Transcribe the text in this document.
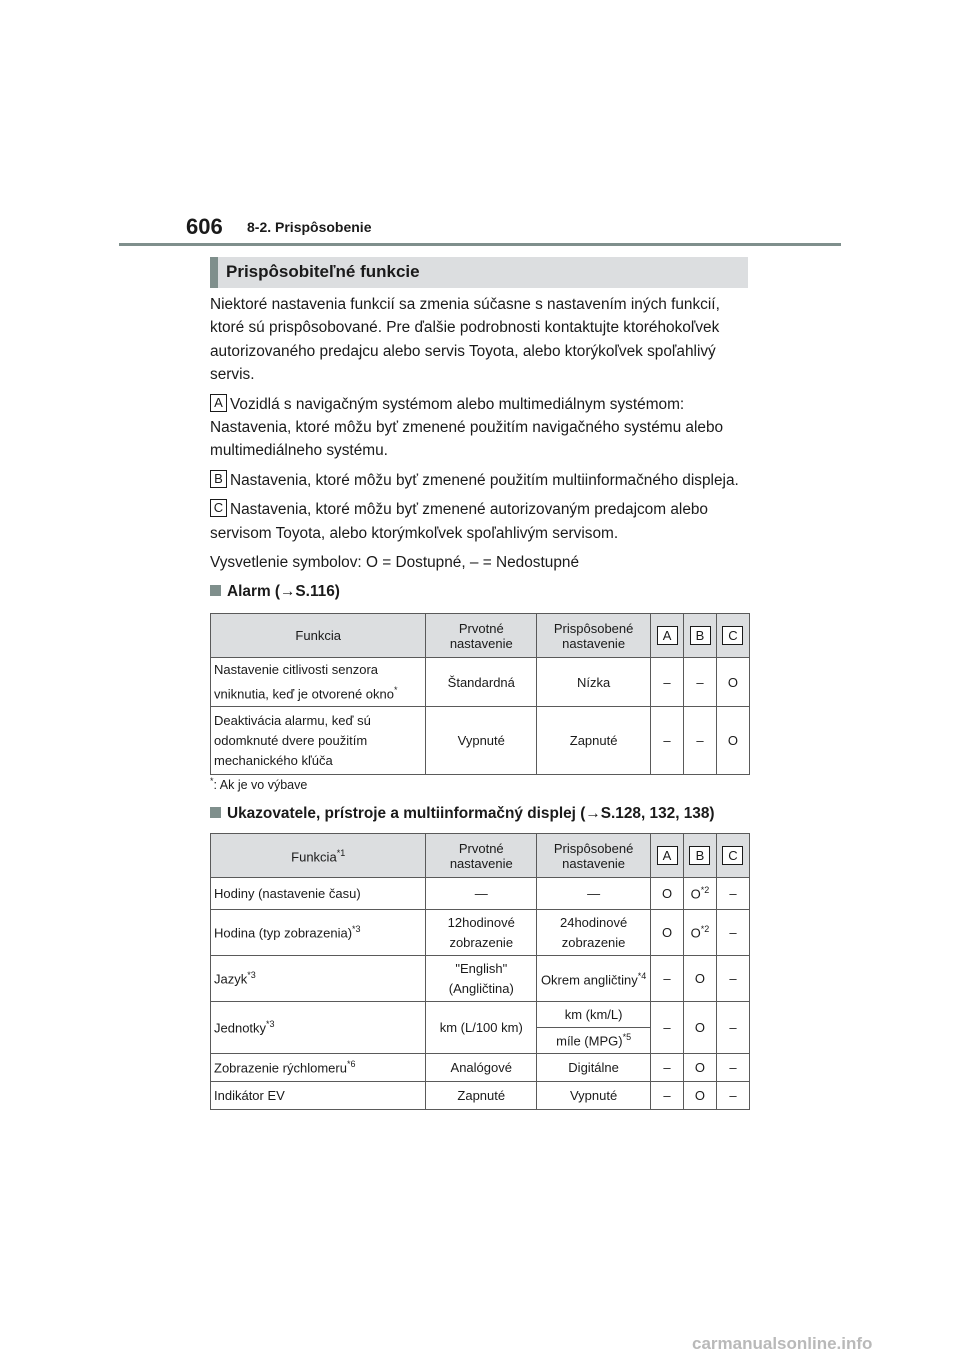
606 8-2. Prispôsobenie
Prispôsobiteľné funkcie

Niektoré nastavenia funkcií sa zmenia súčasne s nastavením iných funkcií, ktoré sú prispôsobované. Pre ďalšie podrobnosti kontaktujte ktoréhokoľvek autorizovaného predajcu alebo servis Toyota, alebo ktorýkoľvek spoľahlivý servis.

A Vozidlá s navigačným systémom alebo multimediálnym systémom: Nastavenia, ktoré môžu byť zmenené použitím navigačného systému alebo multimediálneho systému.

B Nastavenia, ktoré môžu byť zmenené použitím multiinformačného displeja.

C Nastavenia, ktoré môžu byť zmenené autorizovaným predajcom alebo servisom Toyota, alebo ktorýmkoľvek spoľahlivým servisom.

Vysvetlenie symbolov: O = Dostupné, – = Nedostupné

Alarm (→S.116)
Funkcia	Prvotné nastavenie	Prispôsobené nastavenie	A	B	C
Nastavenie citlivosti senzora vniknutia, keď je otvorené okno*	Štandardná	Nízka	–	–	O
Deaktivácia alarmu, keď sú odomknuté dvere použitím mechanického kľúča	Vypnuté	Zapnuté	–	–	O
*: Ak je vo výbave
Ukazovatele, prístroje a multiinformačný displej (→S.128, 132, 138)
Funkcia$^{*1}$	Prvotné nastavenie	Prispôsobené nastavenie	A	B	C
Hodiny (nastavenie času)	—	—	O	$O^{*2}$	–
Hodina (typ zobrazenia)$^{*3}$	12hodinové zobrazenie	24hodinové zobrazenie	O	$O^{*2}$	–
Jazyk$^{*3}$	"English" (Angličtina)	Okrem angličtiny$^{*4}$	–	O	–
Jednotky$^{*3}$	km (L/100 km)	km (km/L)	–	O	–
		míle (MPG)$^{*5}$
Zobrazenie rýchlomeru$^{*6}$	Analógové	Digitálne	–	O	–
Indikátor EV	Zapnuté	Vypnuté	–	O	–
carmanualsonline.info
